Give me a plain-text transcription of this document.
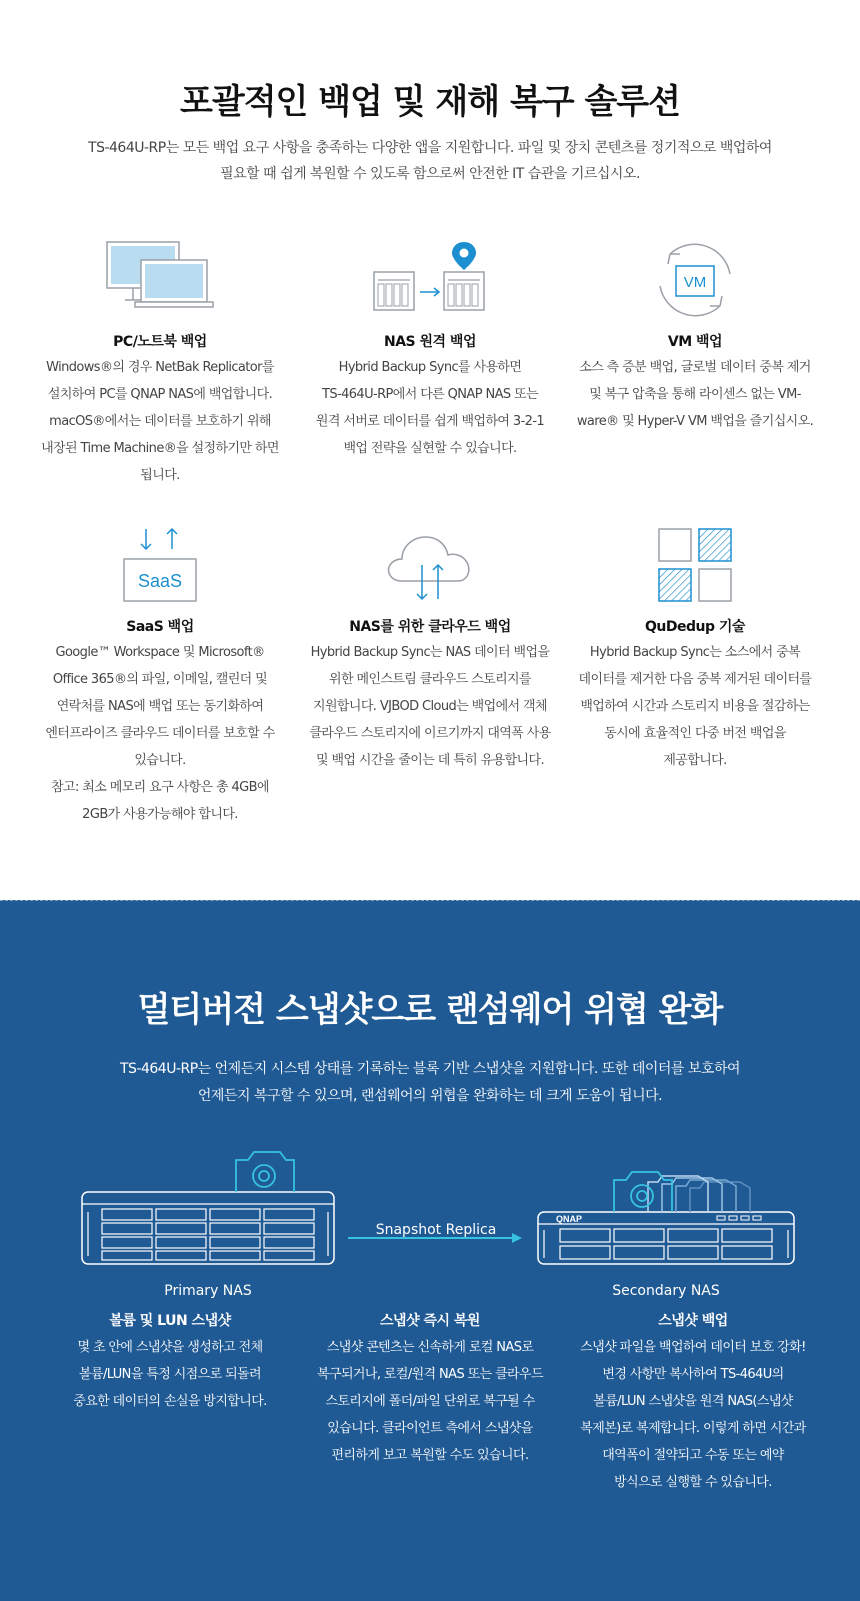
포괄적인 백업 및 재해 복구 솔루션
TS-464U-RP는 모든 백업 요구 사항을 충족하는 다양한 앱을 지원합니다. 파일 및 장치 콘텐츠를 정기적으로 백업하여
필요할 때 쉽게 복원할 수 있도록 함으로써 안전한 IT 습관을 기르십시오.
PC/노트북 백업
Windows®의 경우 NetBak Replicator를
설치하여 PC를 QNAP NAS에 백업합니다.
macOS®에서는 데이터를 보호하기 위해
내장된 Time Machine®을 설정하기만 하면
됩니다.
NAS 원격 백업
Hybrid Backup Sync를 사용하면
TS-464U-RP에서 다른 QNAP NAS 또는
원격 서버로 데이터를 쉽게 백업하여 3-2-1
백업 전략을 실현할 수 있습니다.
VM
VM 백업
소스 측 증분 백업, 글로벌 데이터 중복 제거
및 복구 압축을 통해 라이센스 없는 VM-
ware® 및 Hyper-V VM 백업을 즐기십시오.
SaaS
SaaS 백업
Google™ Workspace 및 Microsoft®
Office 365®의 파일, 이메일, 캘린더 및
연락처를 NAS에 백업 또는 동기화하여
엔터프라이즈 클라우드 데이터를 보호할 수
있습니다.
참고: 최소 메모리 요구 사항은 총 4GB에
2GB가 사용가능해야 합니다.
NAS를 위한 클라우드 백업
Hybrid Backup Sync는 NAS 데이터 백업을
위한 메인스트림 클라우드 스토리지를
지원합니다. VJBOD Cloud는 백업에서 객체
클라우드 스토리지에 이르기까지 대역폭 사용
및 백업 시간을 줄이는 데 특히 유용합니다.
QuDedup 기술
Hybrid Backup Sync는 소스에서 중복
데이터를 제거한 다음 중복 제거된 데이터를
백업하여 시간과 스토리지 비용을 절감하는
동시에 효율적인 다중 버전 백업을
제공합니다.
멀티버전 스냅샷으로 랜섬웨어 위협 완화
TS-464U-RP는 언제든지 시스템 상태를 기록하는 블록 기반 스냅샷을 지원합니다. 또한 데이터를 보호하여
언제든지 복구할 수 있으며, 랜섬웨어의 위협을 완화하는 데 크게 도움이 됩니다.
QNAP
Snapshot Replica
Primary NAS	Secondary NAS
볼륨 및 LUN 스냅샷
몇 초 안에 스냅샷을 생성하고 전체
볼륨/LUN을 특정 시점으로 되돌려
중요한 데이터의 손실을 방지합니다.
스냅샷 즉시 복원
스냅샷 콘텐츠는 신속하게 로컬 NAS로
복구되거나, 로컬/원격 NAS 또는 클라우드
스토리지에 폴더/파일 단위로 복구될 수
있습니다. 클라이언트 측에서 스냅샷을
편리하게 보고 복원할 수도 있습니다.
스냅샷 백업
스냅샷 파일을 백업하여 데이터 보호 강화!
변경 사항만 복사하여 TS-464U의
볼륨/LUN 스냅샷을 원격 NAS(스냅샷
복제본)로 복제합니다. 이렇게 하면 시간과
대역폭이 절약되고 수동 또는 예약
방식으로 실행할 수 있습니다.
